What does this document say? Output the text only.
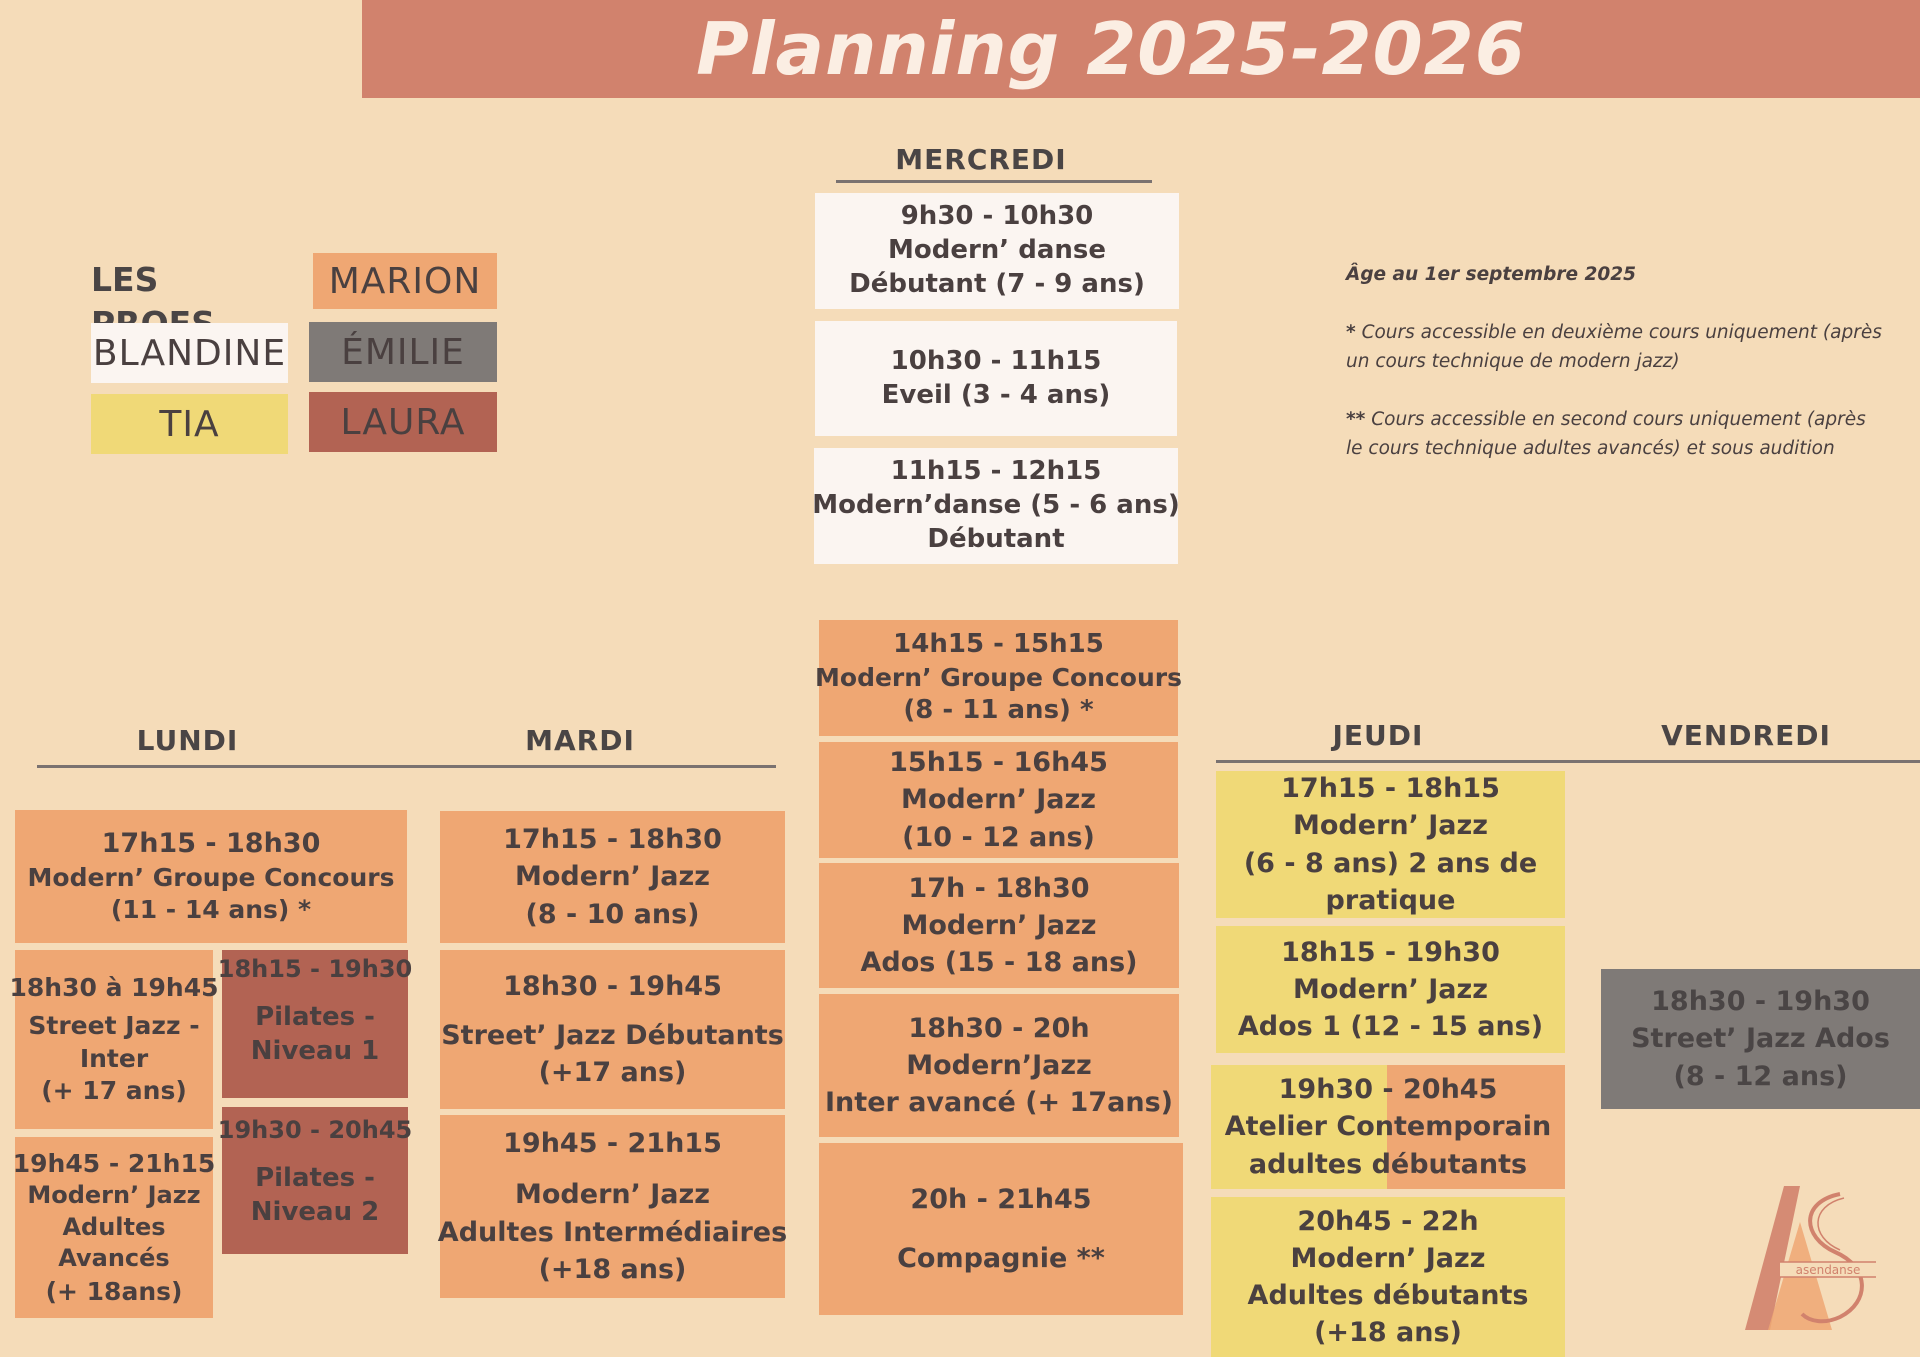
Planning 2025-2026
LES	MARION
BLANDINE	ÉMILIE
TIA	LAURA
Âge au 1er septembre 2025
* Cours accessible en deuxième cours uniquement (après
un cours technique de modern jazz)
** Cours accessible en second cours uniquement (après
le cours technique adultes avancés) et sous audition
MERCREDI
LUNDI	MARDI	JEUDI	VENDREDI
17h15 - 18h30
Modern’ Groupe Concours
(11 - 14 ans) *
18h30 à 19h45
Street Jazz -
Inter
(+ 17 ans)
19h45 - 21h15
Modern’ Jazz
Adultes
Avancés
(+ 18ans)
18h15 - 19h30
Pilates -
Niveau 1
19h30 - 20h45
Pilates -
Niveau 2
17h15 - 18h30
Modern’ Jazz
(8 - 10 ans)
18h30 - 19h45
Street’ Jazz Débutants
(+17 ans)
19h45 - 21h15
Modern’ Jazz
Adultes Intermédiaires
(+18 ans)
9h30 - 10h30
Modern’ danse
Débutant (7 - 9 ans)
10h30 - 11h15
Eveil (3 - 4 ans)
11h15 - 12h15
Modern’danse (5 - 6 ans)
Débutant
14h15 - 15h15
Modern’ Groupe Concours
(8 - 11 ans) *
15h15 - 16h45
Modern’ Jazz
(10 - 12 ans)
17h - 18h30
Modern’ Jazz
Ados (15 - 18 ans)
18h30 - 20h
Modern’Jazz
Inter avancé (+ 17ans)
20h - 21h45
Compagnie **
17h15 - 18h15
Modern’ Jazz
(6 - 8 ans) 2 ans de
pratique
18h15 - 19h30
Modern’ Jazz
Ados 1 (12 - 15 ans)
19h30 - 20h45
Atelier Contemporain
adultes débutants
20h45 - 22h
Modern’ Jazz
Adultes débutants
(+18 ans)
18h30 - 19h30
Street’ Jazz Ados
(8 - 12 ans)
asendanse
